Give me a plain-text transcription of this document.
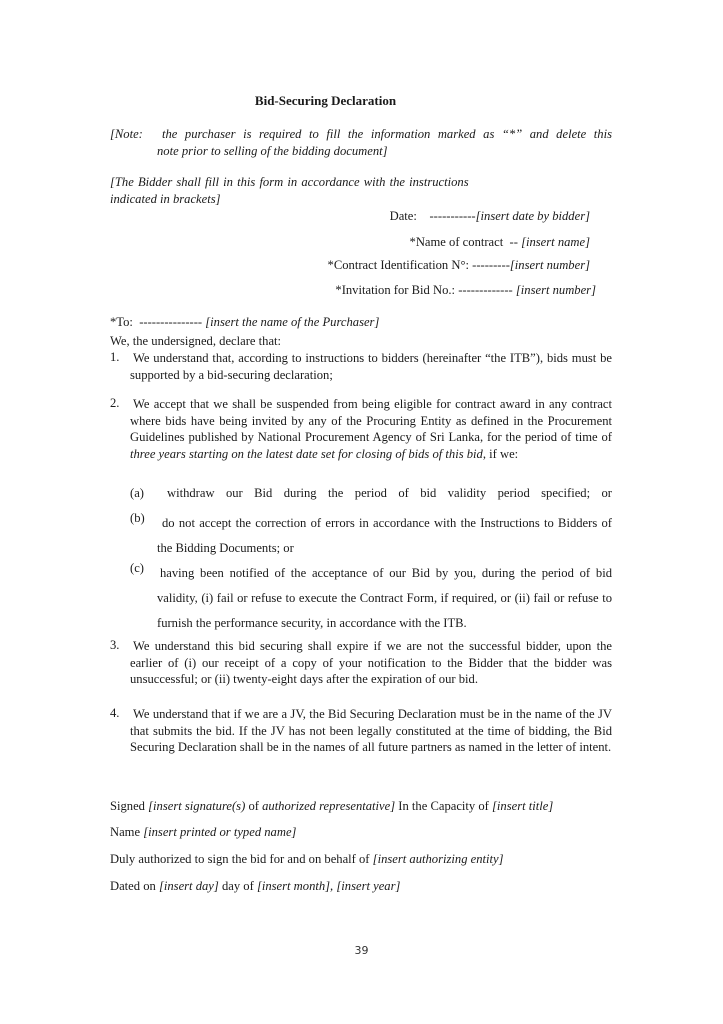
Bid-Securing Declaration
[Note: the purchaser is required to fill the information marked as “*” and delete this
note prior to selling of the bidding document]
[The Bidder shall fill in this form in accordance with the instructions
indicated in brackets]
Date: -----------[insert date by bidder]
*Name of contract -- [insert name]
*Contract Identification N°: ---------[insert number]
*Invitation for Bid No.: ------------- [insert number]
*To: --------------- [insert the name of the Purchaser]
We, the undersigned, declare that:
1. We understand that, according to instructions to bidders (hereinafter “the ITB”), bids must be supported by a bid-securing declaration;
2. We accept that we shall be suspended from being eligible for contract award in any contract where bids have being invited by any of the Procuring Entity as defined in the Procurement Guidelines published by National Procurement Agency of Sri Lanka, for the period of time of three years starting on the latest date set for closing of bids of this bid, if we:
(a) withdraw our Bid during the period of bid validity period specified; or
(b)	do not accept the correction of errors in accordance with the Instructions to Bidders of the Bidding Documents; or
(c) having been notified of the acceptance of our Bid by you, during the period of bid validity, (i) fail or refuse to execute the Contract Form, if required, or (ii) fail or refuse to furnish the performance security, in accordance with the ITB.
3. We understand this bid securing shall expire if we are not the successful bidder, upon the earlier of (i) our receipt of a copy of your notification to the Bidder that the bidder was unsuccessful; or (ii) twenty-eight days after the expiration of our bid.
4. We understand that if we are a JV, the Bid Securing Declaration must be in the name of the JV that submits the bid. If the JV has not been legally constituted at the time of bidding, the Bid Securing Declaration shall be in the names of all future partners as named in the letter of intent.
Signed [insert signature(s) of authorized representative] In the Capacity of [insert title]
Name [insert printed or typed name]
Duly authorized to sign the bid for and on behalf of [insert authorizing entity]
Dated on [insert day] day of [insert month], [insert year]
39
